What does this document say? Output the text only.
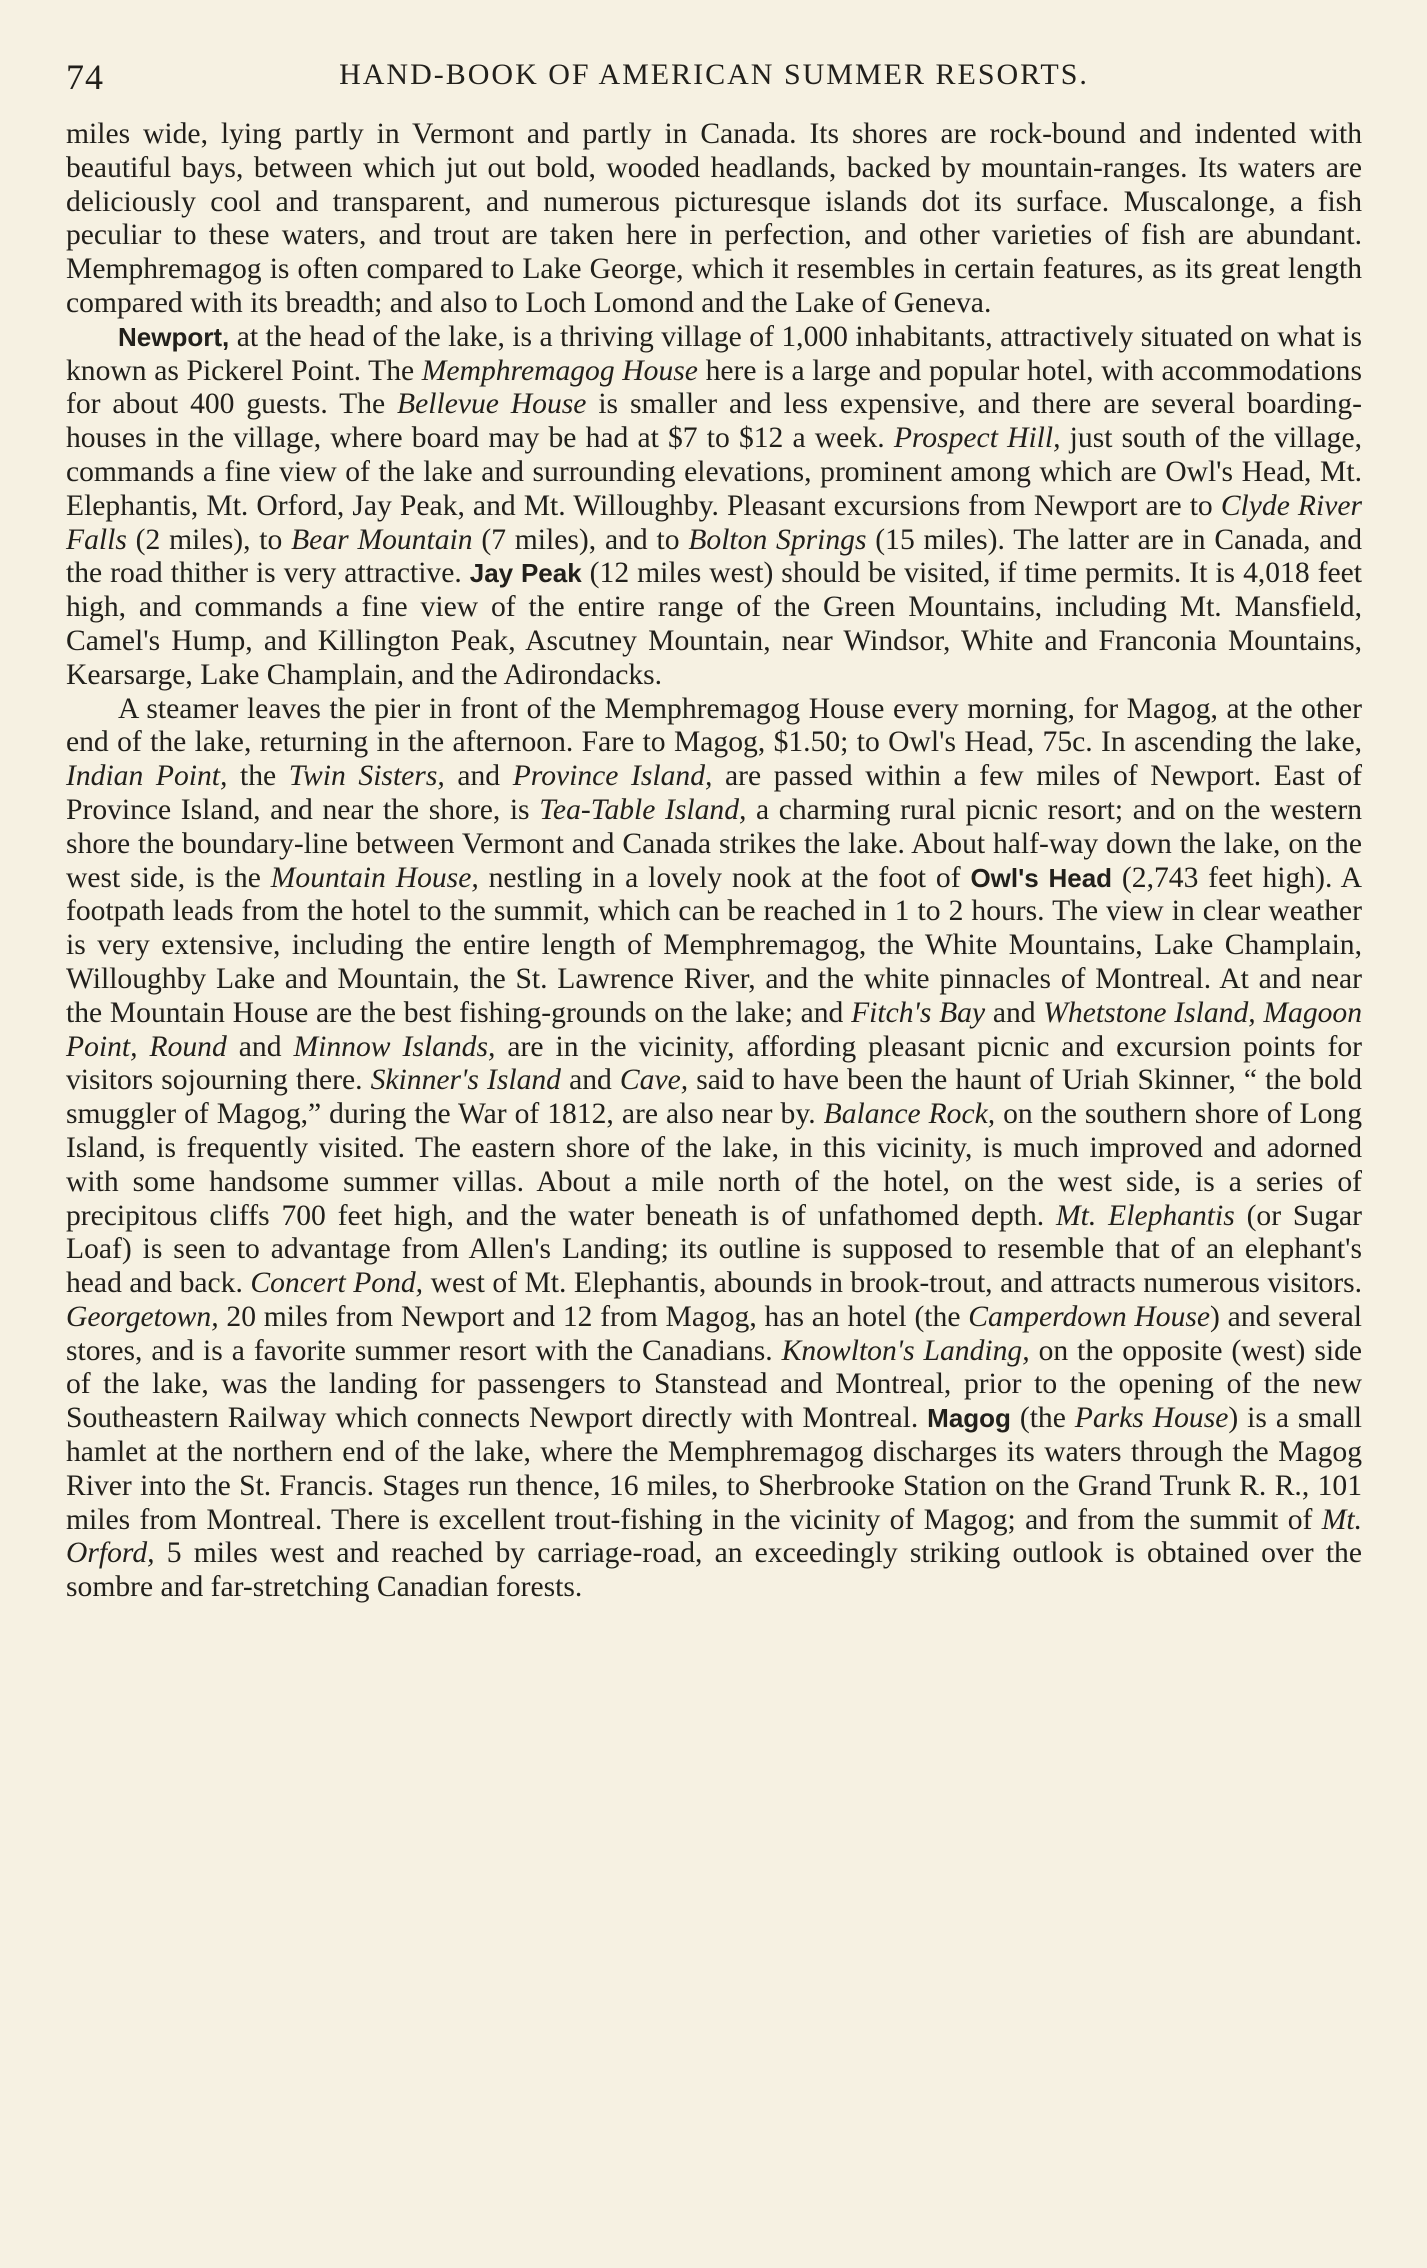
74	HAND-BOOK OF AMERICAN SUMMER RESORTS.

miles wide, lying partly in Vermont and partly in Canada. Its shores are rock-bound and indented with beautiful bays, between which jut out bold, wooded headlands, backed by mountain-ranges. Its waters are deliciously cool and transparent, and numerous picturesque islands dot its surface. Muscalonge, a fish peculiar to these waters, and trout are taken here in perfection, and other varieties of fish are abundant. Memphremagog is often compared to Lake George, which it resembles in certain features, as its great length compared with its breadth; and also to Loch Lomond and the Lake of Geneva.

Newport, at the head of the lake, is a thriving village of 1,000 inhabitants, attractively situated on what is known as Pickerel Point. The Memphremagog House here is a large and popular hotel, with accommodations for about 400 guests. The Bellevue House is smaller and less expensive, and there are several boarding-houses in the village, where board may be had at $7 to $12 a week. Prospect Hill, just south of the village, commands a fine view of the lake and surrounding elevations, prominent among which are Owl's Head, Mt. Elephantis, Mt. Orford, Jay Peak, and Mt. Willoughby. Pleasant excursions from Newport are to Clyde River Falls (2 miles), to Bear Mountain (7 miles), and to Bolton Springs (15 miles). The latter are in Canada, and the road thither is very attractive. Jay Peak (12 miles west) should be visited, if time permits. It is 4,018 feet high, and commands a fine view of the entire range of the Green Mountains, including Mt. Mansfield, Camel's Hump, and Killington Peak, Ascutney Mountain, near Windsor, White and Franconia Mountains, Kearsarge, Lake Champlain, and the Adirondacks.

A steamer leaves the pier in front of the Memphremagog House every morning, for Magog, at the other end of the lake, returning in the afternoon. Fare to Magog, $1.50; to Owl's Head, 75c. In ascending the lake, Indian Point, the Twin Sisters, and Province Island, are passed within a few miles of Newport. East of Province Island, and near the shore, is Tea-Table Island, a charming rural picnic resort; and on the western shore the boundary-line between Vermont and Canada strikes the lake. About half-way down the lake, on the west side, is the Mountain House, nestling in a lovely nook at the foot of Owl's Head (2,743 feet high). A footpath leads from the hotel to the summit, which can be reached in 1 to 2 hours. The view in clear weather is very extensive, including the entire length of Memphremagog, the White Mountains, Lake Champlain, Willoughby Lake and Mountain, the St. Lawrence River, and the white pinnacles of Montreal. At and near the Mountain House are the best fishing-grounds on the lake; and Fitch's Bay and Whetstone Island, Magoon Point, Round and Minnow Islands, are in the vicinity, affording pleasant picnic and excursion points for visitors sojourning there. Skinner's Island and Cave, said to have been the haunt of Uriah Skinner, “ the bold smuggler of Magog,” during the War of 1812, are also near by. Balance Rock, on the southern shore of Long Island, is frequently visited. The eastern shore of the lake, in this vicinity, is much improved and adorned with some handsome summer villas. About a mile north of the hotel, on the west side, is a series of precipitous cliffs 700 feet high, and the water beneath is of unfathomed depth. Mt. Elephantis (or Sugar Loaf) is seen to advantage from Allen's Landing; its outline is supposed to resemble that of an elephant's head and back. Concert Pond, west of Mt. Elephantis, abounds in brook-trout, and attracts numerous visitors. Georgetown, 20 miles from Newport and 12 from Magog, has an hotel (the Camperdown House) and several stores, and is a favorite summer resort with the Canadians. Knowlton's Landing, on the opposite (west) side of the lake, was the landing for passengers to Stanstead and Montreal, prior to the opening of the new Southeastern Railway which connects Newport directly with Montreal. Magog (the Parks House) is a small hamlet at the northern end of the lake, where the Memphremagog discharges its waters through the Magog River into the St. Francis. Stages run thence, 16 miles, to Sherbrooke Station on the Grand Trunk R. R., 101 miles from Montreal. There is excellent trout-fishing in the vicinity of Magog; and from the summit of Mt. Orford, 5 miles west and reached by carriage-road, an exceedingly striking outlook is obtained over the sombre and far-stretching Canadian forests.
